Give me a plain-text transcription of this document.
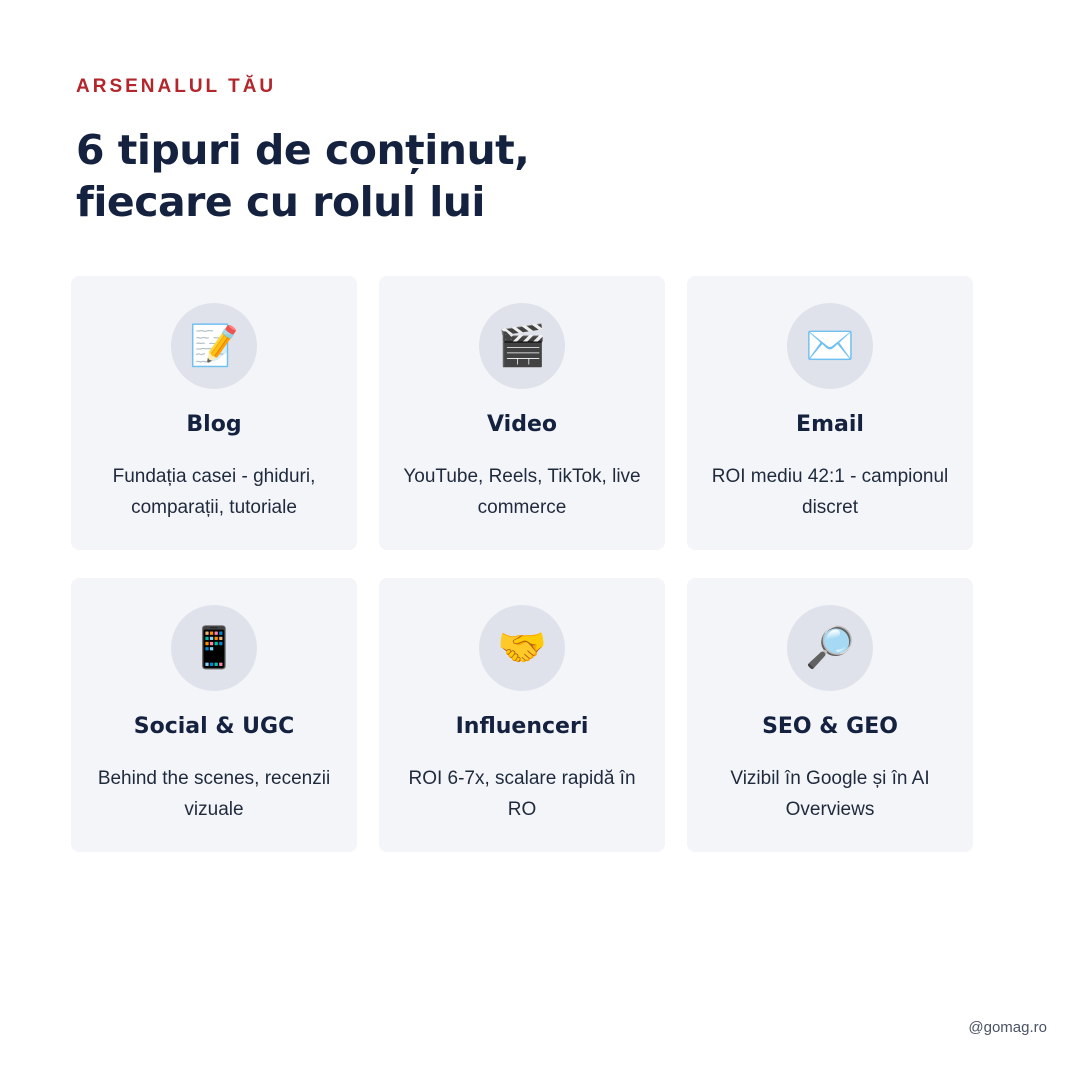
ARSENALUL TĂU
6 tipuri de conținut,
fiecare cu rolul lui
📝
Blog
Fundația casei - ghiduri, comparații, tutoriale
🎬
Video
YouTube, Reels, TikTok, live commerce
✉️
Email
ROI mediu 42:1 - campionul discret
📱
Social & UGC
Behind the scenes, recenzii vizuale
🤝
Influenceri
ROI 6-7x, scalare rapidă în RO
🔎
SEO & GEO
Vizibil în Google și în AI Overviews
@gomag.ro
